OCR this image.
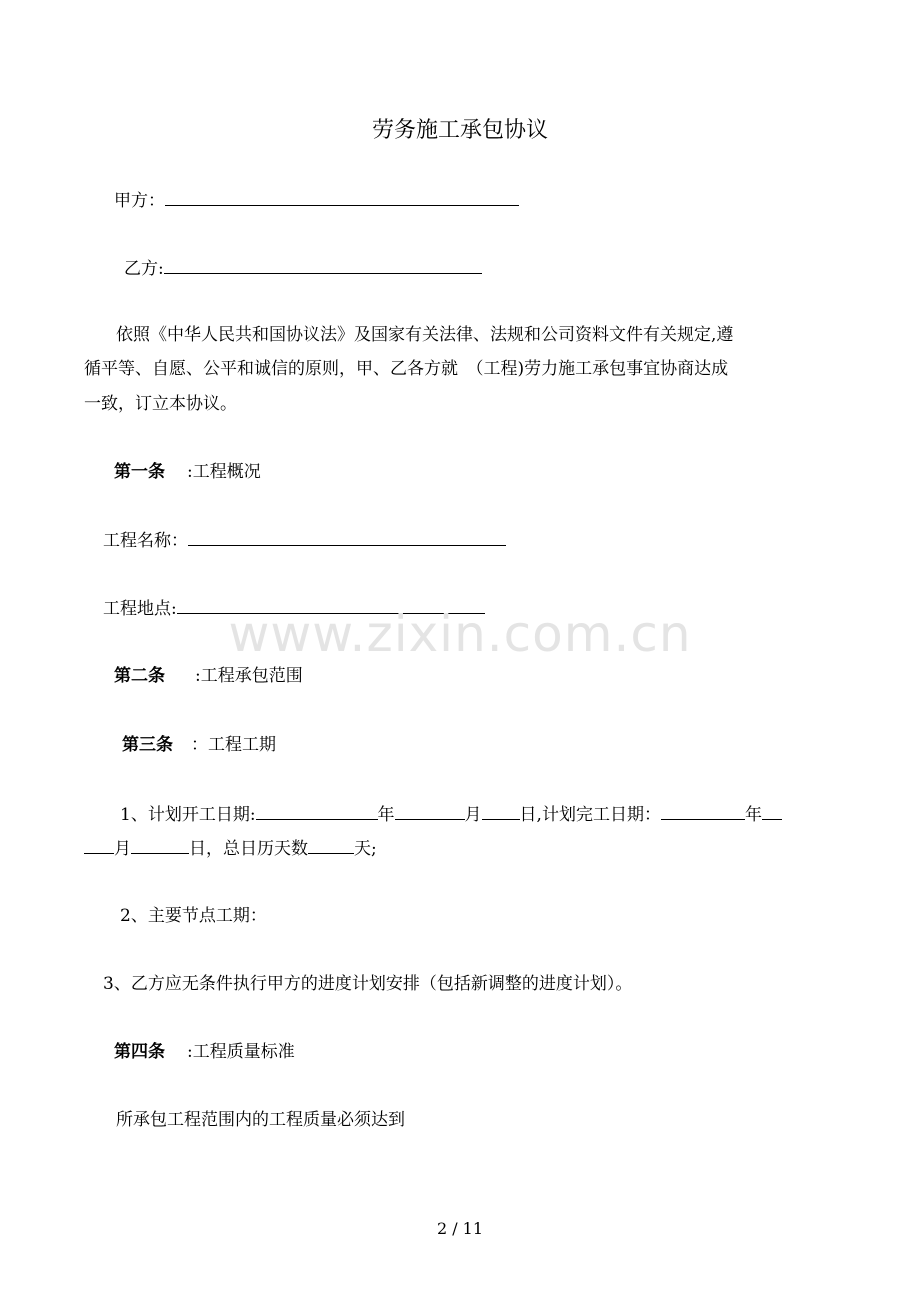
劳务施工承包协议
甲方：
乙方:
依照《中华人民共和国协议法》及国家有关法律、法规和公司资料文件有关规定,遵
循平等、自愿、公平和诚信的原则，甲、乙各方就　（工程)劳力施工承包事宜协商达成
一致，订立本协议。
第一条 :工程概况
工程名称：
工程地点:	www.zixin.com.cn
第二条 :工程承包范围
第三条 ：工程工期
1、计划开工日期:	年	月 日,计划完工日期：	年
月	日，总日历天数	天;
2、主要节点工期：
3、乙方应无条件执行甲方的进度计划安排（包括新调整的进度计划）。
第四条 :工程质量标准
所承包工程范围内的工程质量必须达到
2 / 11
